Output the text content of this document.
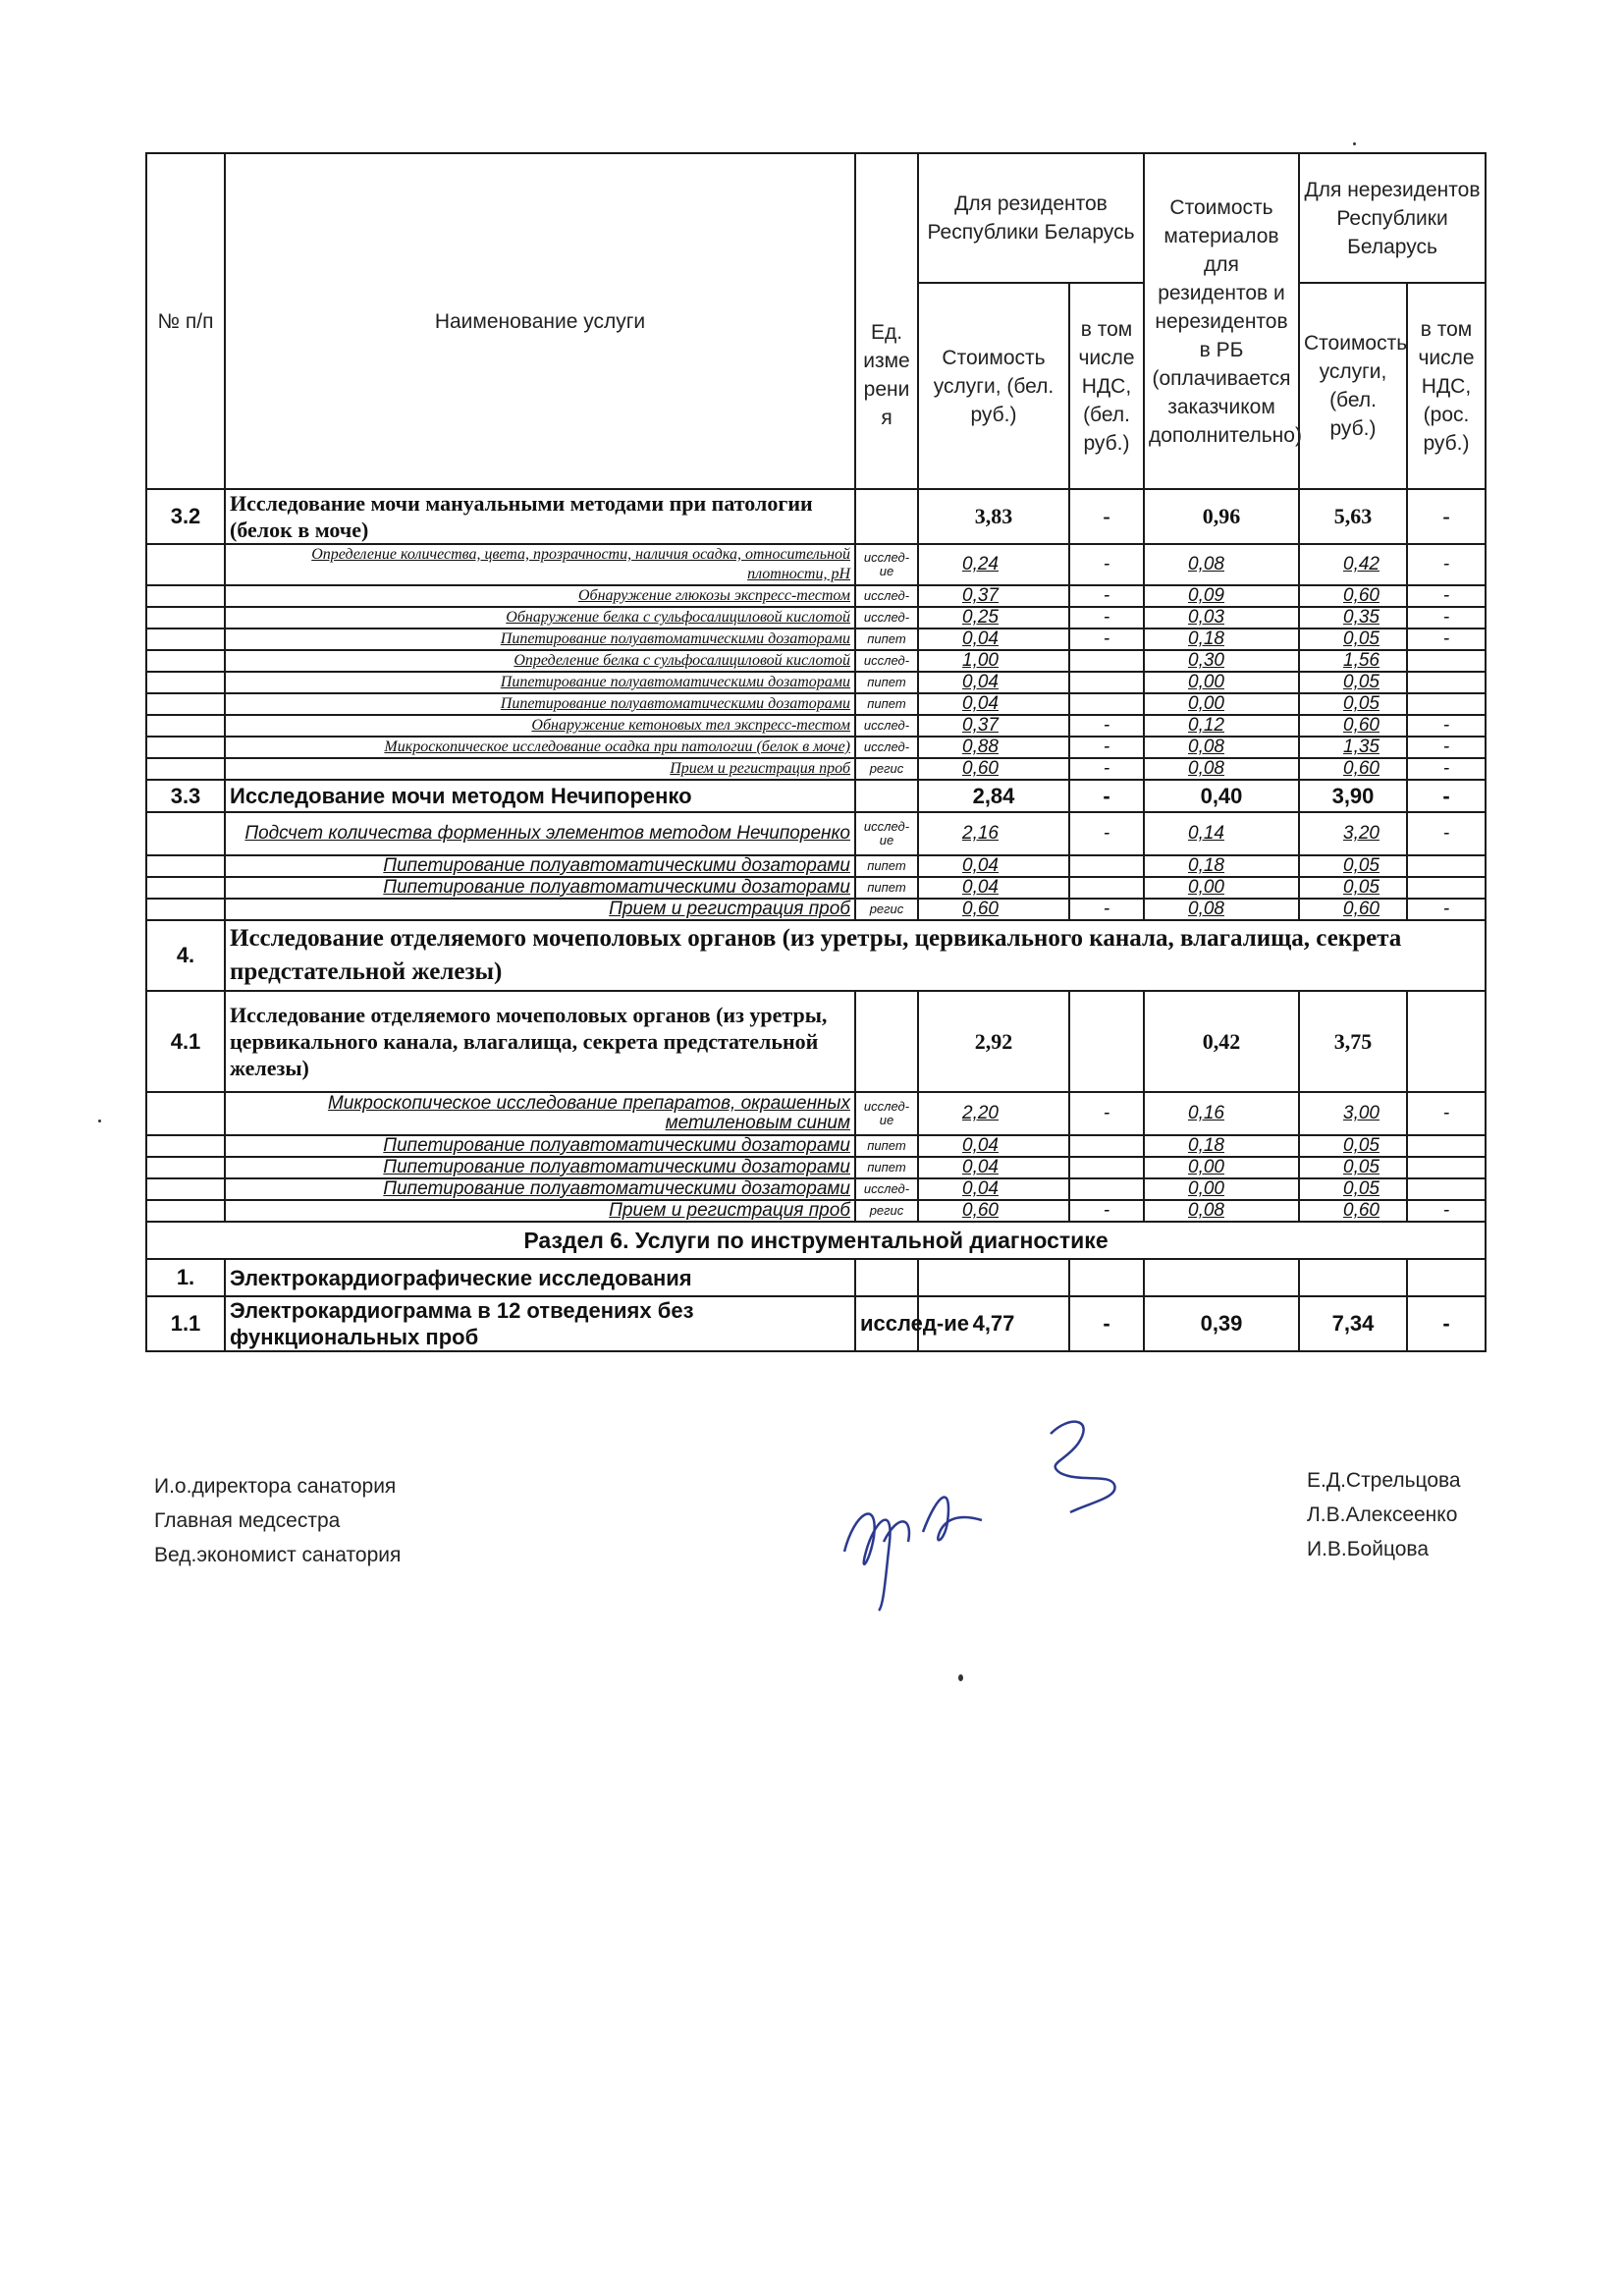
№ п/п	Наименование услуги	Ед. изме рени я	Для резидентов Республики Беларусь		Стоимость материалов для резидентов и нерезидентов в РБ (оплачивается заказчиком дополнительно)	Для нерезидентов Республики Беларусь	
			Стоимость услуги, (бел. руб.)	в том числе НДС, (бел. руб.)		Стоимость услуги, (бел. руб.)	в том числе НДС, (рос. руб.)
3.2	Исследование мочи мануальными методами при патологии (белок в моче)		3,83	-	0,96	5,63	-
	Определение количества, цвета, прозрачности, наличия осадка, относительной плотности, pH	исслед-ие	0,24	-	0,08	0,42	-
	Обнаружение глюкозы экспресс-тестом	исслед-	0,37	-	0,09	0,60	-
	Обнаружение белка с сульфосалициловой кислотой	исслед-	0,25	-	0,03	0,35	-
	Пипетирование полуавтоматическими дозаторами	пипет	0,04	-	0,18	0,05	-
	Определение белка с сульфосалициловой кислотой	исслед-	1,00		0,30	1,56	
	Пипетирование полуавтоматическими дозаторами	пипет	0,04		0,00	0,05	
	Пипетирование полуавтоматическими дозаторами	пипет	0,04		0,00	0,05	
	Обнаружение кетоновых тел экспресс-тестом	исслед-	0,37	-	0,12	0,60	-
	Микроскопическое исследование осадка при патологии (белок в моче)	исслед-	0,88	-	0,08	1,35	-
	Прием и регистрация проб	регис	0,60	-	0,08	0,60	-
3.3	Исследование мочи методом Нечипоренко		2,84	-	0,40	3,90	-
	Подсчет количества форменных элементов методом Нечипоренко	исслед-ие	2,16	-	0,14	3,20	-
	Пипетирование полуавтоматическими дозаторами	пипет	0,04		0,18	0,05	
	Пипетирование полуавтоматическими дозаторами	пипет	0,04		0,00	0,05	
	Прием и регистрация проб	регис	0,60	-	0,08	0,60	-
4.	Исследование отделяемого мочеполовых органов (из уретры, цервикального канала, влагалища, секрета предстательной железы)						
4.1	Исследование отделяемого мочеполовых органов (из уретры, цервикального канала, влагалища, секрета предстательной железы)		2,92		0,42	3,75	
	Микроскопическое исследование препаратов, окрашенных метиленовым синим	исслед-ие	2,20	-	0,16	3,00	-
	Пипетирование полуавтоматическими дозаторами	пипет	0,04		0,18	0,05	
	Пипетирование полуавтоматическими дозаторами	пипет	0,04		0,00	0,05	
	Пипетирование полуавтоматическими дозаторами	исслед-	0,04		0,00	0,05	
	Прием и регистрация проб	регис	0,60	-	0,08	0,60	-
Раздел 6. Услуги по инструментальной диагностике							
1.	Электрокардиографические исследования						
1.1	Электрокардиограмма в 12 отведениях без функциональных проб	исслед-ие	4,77	-	0,39	7,34	-
И.о.директора санатория
Главная медсестра
Вед.экономист санатория
Е.Д.Стрельцова
Л.В.Алексеенко
И.В.Бойцова
